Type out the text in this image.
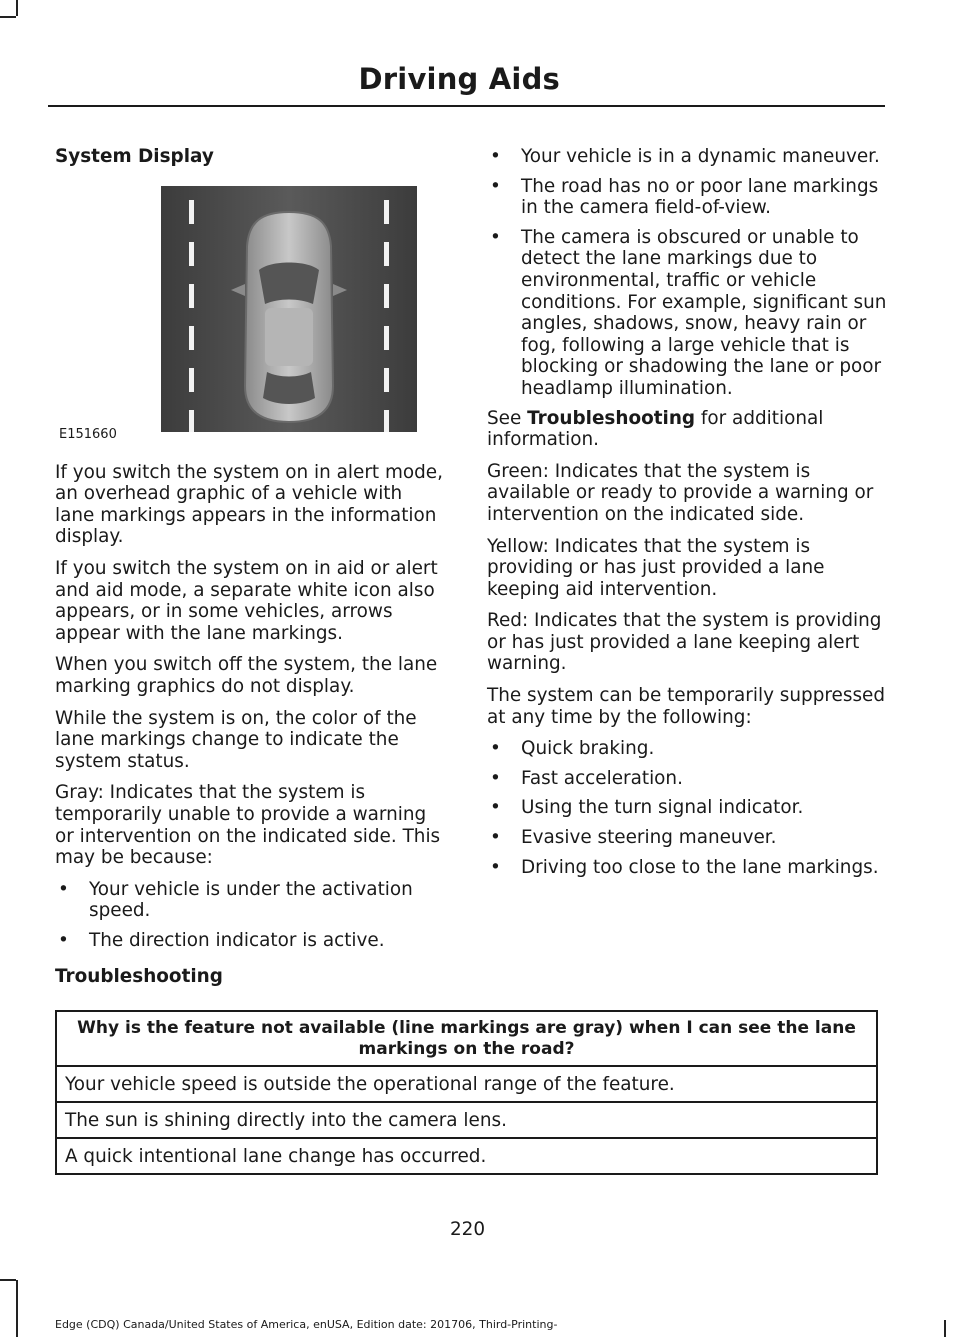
Driving Aids
System Display
E151660

If you switch the system on in alert mode, an overhead graphic of a vehicle with lane markings appears in the information display.

If you switch the system on in aid or alert and aid mode, a separate white icon also appears, or in some vehicles, arrows appear with the lane markings.

When you switch off the system, the lane marking graphics do not display.

While the system is on, the color of the lane markings change to indicate the system status.

Gray: Indicates that the system is temporarily unable to provide a warning or intervention on the indicated side. This may be because:

• Your vehicle is under the activation speed.
• The direction indicator is active.
• Your vehicle is in a dynamic maneuver.
• The road has no or poor lane markings in the camera field-of-view.
• The camera is obscured or unable to detect the lane markings due to environmental, traffic or vehicle conditions. For example, significant sun angles, shadows, snow, heavy rain or fog, following a large vehicle that is blocking or shadowing the lane or poor headlamp illumination.

See Troubleshooting for additional information.

Green: Indicates that the system is available or ready to provide a warning or intervention on the indicated side.

Yellow: Indicates that the system is providing or has just provided a lane keeping aid intervention.

Red: Indicates that the system is providing or has just provided a lane keeping alert warning.

The system can be temporarily suppressed at any time by the following:

• Quick braking.
• Fast acceleration.
• Using the turn signal indicator.
• Evasive steering maneuver.
• Driving too close to the lane markings.
Troubleshooting
Why is the feature not available (line markings are gray) when I can see the lane markings on the road?
Your vehicle speed is outside the operational range of the feature.
The sun is shining directly into the camera lens.
A quick intentional lane change has occurred.
220
Edge (CDQ) Canada/United States of America, enUSA, Edition date: 201706, Third-Printing-
